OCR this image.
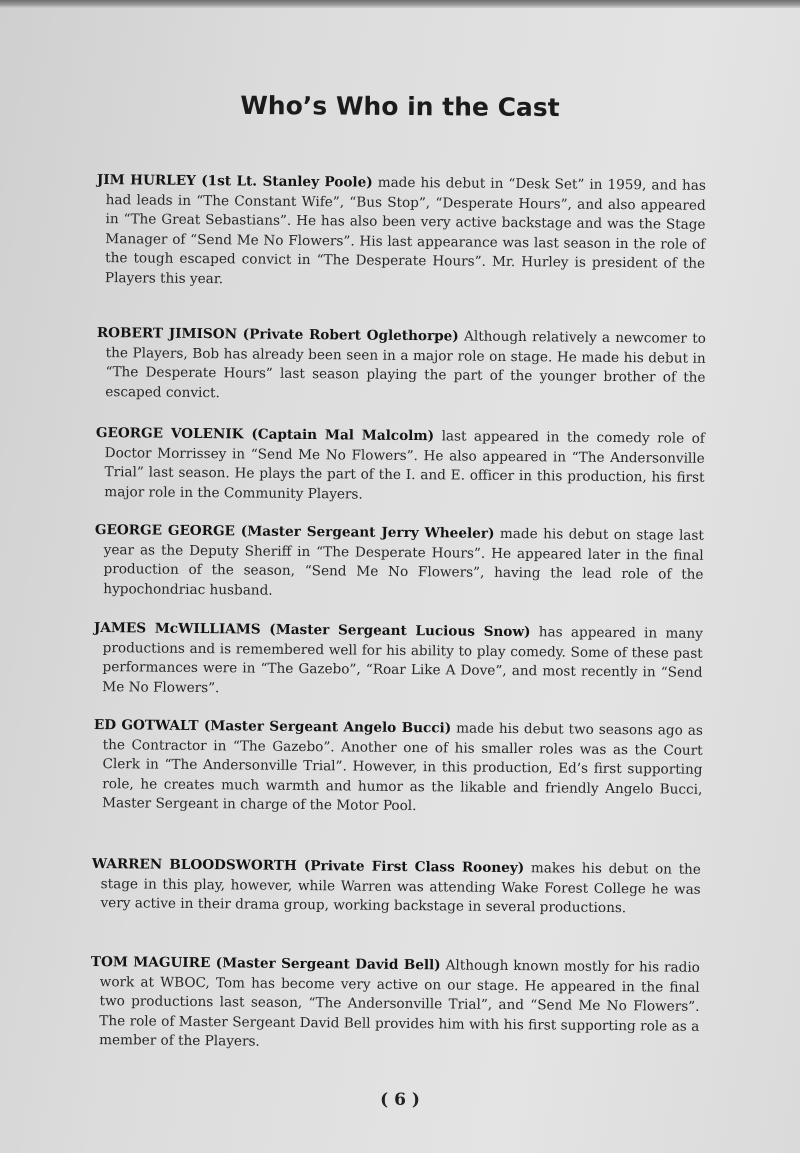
Who’s Who in the Cast

JIM HURLEY (1st Lt. Stanley Poole) made his debut in “Desk Set” in 1959, and has had leads in “The Constant Wife”, “Bus Stop”, “Desperate Hours”, and also appeared in “The Great Sebastians”. He has also been very active backstage and was the Stage Manager of “Send Me No Flowers”. His last appearance was last season in the role of the tough escaped convict in “The Desperate Hours”. Mr. Hurley is president of the Players this year.

ROBERT JIMISON (Private Robert Oglethorpe) Although relatively a newcomer to the Players, Bob has already been seen in a major role on stage. He made his debut in “The Desperate Hours” last season playing the part of the younger brother of the escaped convict.

GEORGE VOLENIK (Captain Mal Malcolm) last appeared in the comedy role of Doctor Morrissey in “Send Me No Flowers”. He also appeared in “The Andersonville Trial” last season. He plays the part of the I. and E. officer in this production, his first major role in the Community Players.

GEORGE GEORGE (Master Sergeant Jerry Wheeler) made his debut on stage last year as the Deputy Sheriff in “The Desperate Hours”. He appeared later in the final production of the season, “Send Me No Flowers”, having the lead role of the hypochondriac husband.

JAMES McWILLIAMS (Master Sergeant Lucious Snow) has appeared in many productions and is remembered well for his ability to play comedy. Some of these past performances were in “The Gazebo”, “Roar Like A Dove”, and most recently in “Send Me No Flowers”.

ED GOTWALT (Master Sergeant Angelo Bucci) made his debut two seasons ago as the Contractor in “The Gazebo”. Another one of his smaller roles was as the Court Clerk in “The Andersonville Trial”. However, in this production, Ed’s first supporting role, he creates much warmth and humor as the likable and friendly Angelo Bucci, Master Sergeant in charge of the Motor Pool.

WARREN BLOODSWORTH (Private First Class Rooney) makes his debut on the stage in this play, however, while Warren was attending Wake Forest College he was very active in their drama group, working backstage in several productions.

TOM MAGUIRE (Master Sergeant David Bell) Although known mostly for his radio work at WBOC, Tom has become very active on our stage. He appeared in the final two productions last season, “The Andersonville Trial”, and “Send Me No Flowers”. The role of Master Sergeant David Bell provides him with his first supporting role as a member of the Players.

( 6 )
